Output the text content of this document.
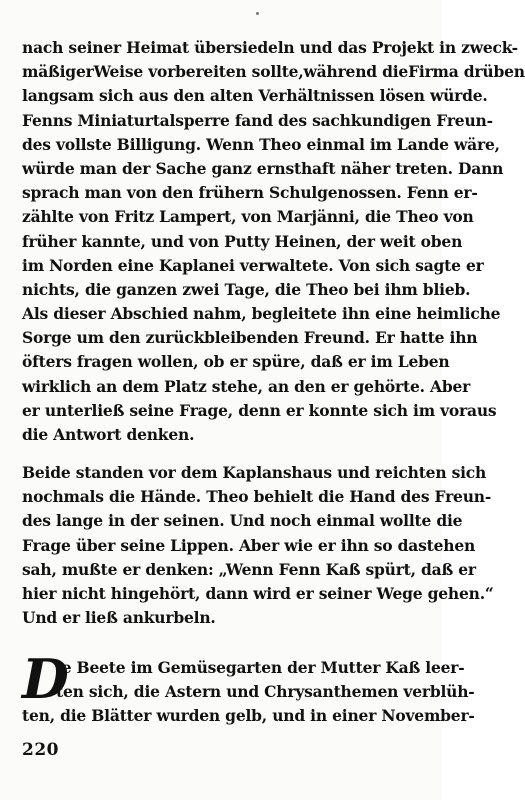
nach seiner Heimat übersiedeln und das Projekt in zweck-
mäßigerWeise vorbereiten sollte,während dieFirma drüben
langsam sich aus den alten Verhältnissen lösen würde.
Fenns Miniaturtalsperre fand des sachkundigen Freun-
des vollste Billigung. Wenn Theo einmal im Lande wäre,
würde man der Sache ganz ernsthaft näher treten. Dann
sprach man von den frühern Schulgenossen. Fenn er-
zählte von Fritz Lampert, von Marjänni, die Theo von
früher kannte, und von Putty Heinen, der weit oben
im Norden eine Kaplanei verwaltete. Von sich sagte er
nichts, die ganzen zwei Tage, die Theo bei ihm blieb.
Als dieser Abschied nahm, begleitete ihn eine heimliche
Sorge um den zurückbleibenden Freund. Er hatte ihn
öfters fragen wollen, ob er spüre, daß er im Leben
wirklich an dem Platz stehe, an den er gehörte. Aber
er unterließ seine Frage, denn er konnte sich im voraus
die Antwort denken.
Beide standen vor dem Kaplanshaus und reichten sich
nochmals die Hände. Theo behielt die Hand des Freun-
des lange in der seinen. Und noch einmal wollte die
Frage über seine Lippen. Aber wie er ihn so dastehen
sah, mußte er denken: „Wenn Fenn Kaß spürt, daß er
hier nicht hingehört, dann wird er seiner Wege gehen.“
Und er ließ ankurbeln.
D
ie Beete im Gemüsegarten der Mutter Kaß leer-
ten sich, die Astern und Chrysanthemen verblüh-
ten, die Blätter wurden gelb, und in einer November-
220
